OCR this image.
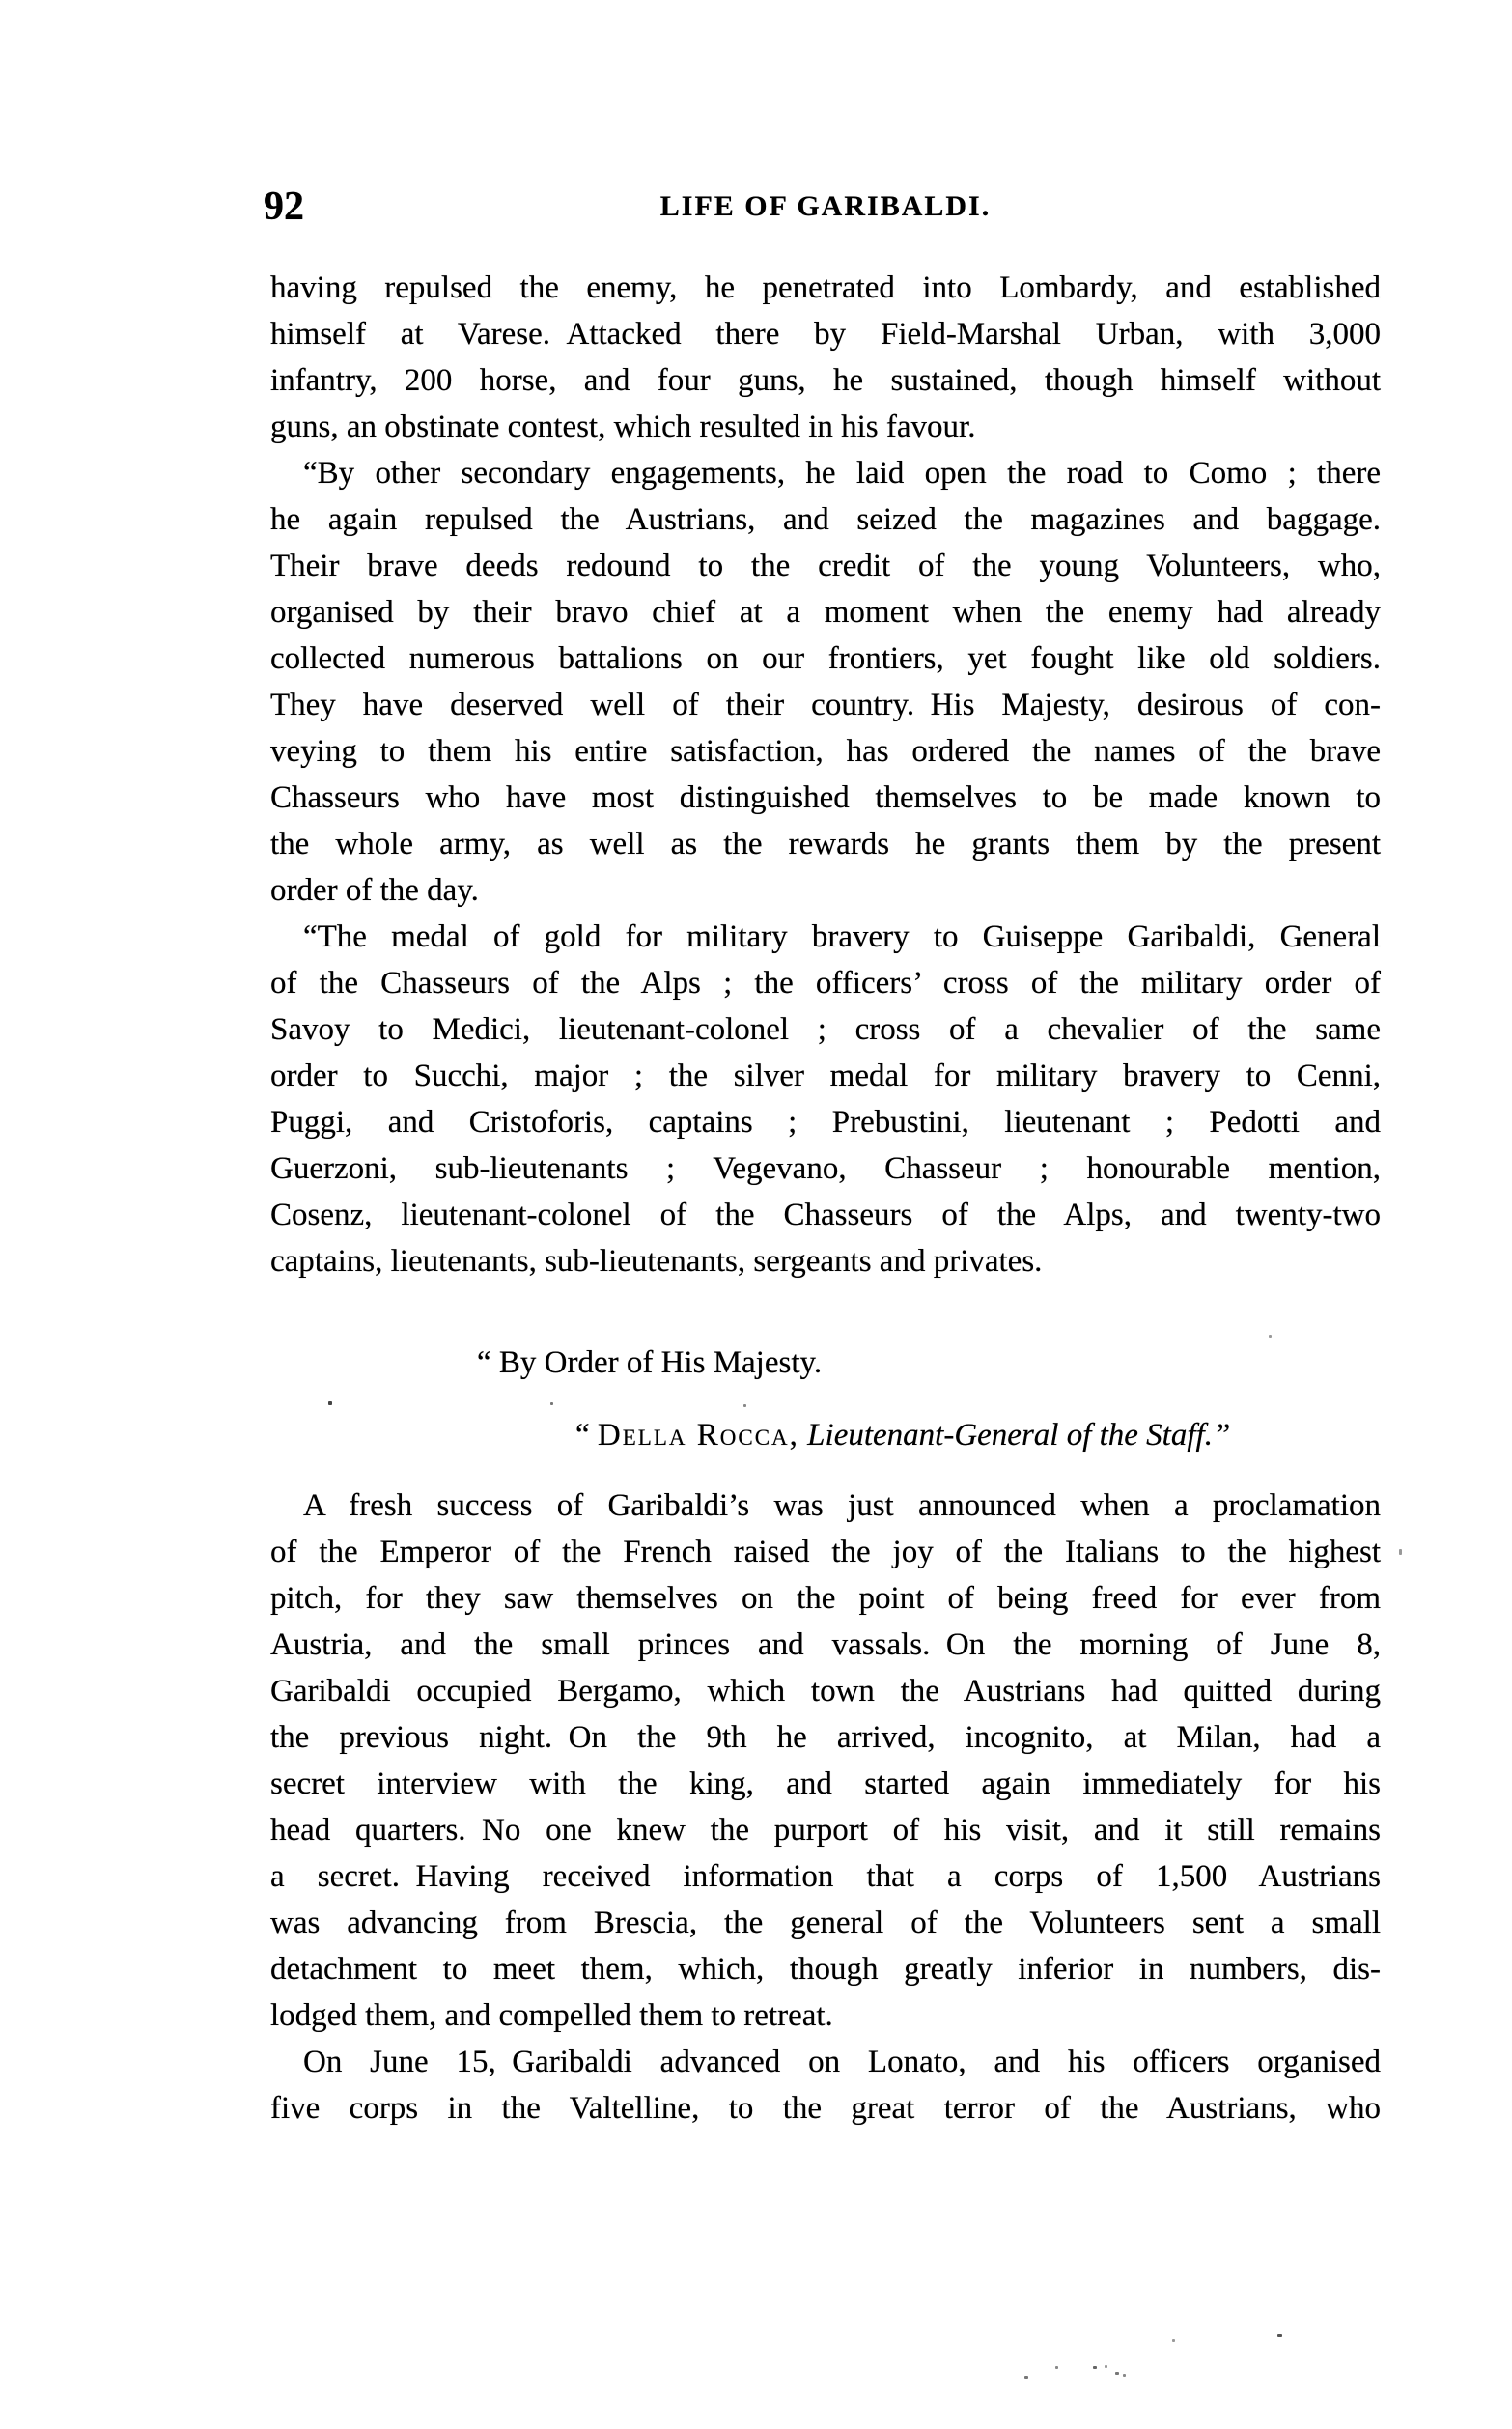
92	LIFE OF GARIBALDI.
having repulsed the enemy, he penetrated into Lombardy, and established
himself at Varese. Attacked there by Field-Marshal Urban, with 3,000
infantry, 200 horse, and four guns, he sustained, though himself without
guns, an obstinate contest, which resulted in his favour.
“By other secondary engagements, he laid open the road to Como ; there
he again repulsed the Austrians, and seized the magazines and baggage.
Their brave deeds redound to the credit of the young Volunteers, who,
organised by their bravo chief at a moment when the enemy had already
collected numerous battalions on our frontiers, yet fought like old soldiers.
They have deserved well of their country. His Majesty, desirous of con-
veying to them his entire satisfaction, has ordered the names of the brave
Chasseurs who have most distinguished themselves to be made known to
the whole army, as well as the rewards he grants them by the present
order of the day.
“The medal of gold for military bravery to Guiseppe Garibaldi, General
of the Chasseurs of the Alps ; the officers’ cross of the military order of
Savoy to Medici, lieutenant-colonel ; cross of a chevalier of the same
order to Succhi, major ; the silver medal for military bravery to Cenni,
Puggi, and Cristoforis, captains ; Prebustini, lieutenant ; Pedotti and
Guerzoni, sub-lieutenants ; Vegevano, Chasseur ; honourable mention,
Cosenz, lieutenant-colonel of the Chasseurs of the Alps, and twenty-two
captains, lieutenants, sub-lieutenants, sergeants and privates.
“ By Order of His Majesty.
“ Della Rocca, Lieutenant-General of the Staff.”
A fresh success of Garibaldi’s was just announced when a proclamation
of the Emperor of the French raised the joy of the Italians to the highest
pitch, for they saw themselves on the point of being freed for ever from
Austria, and the small princes and vassals. On the morning of June 8,
Garibaldi occupied Bergamo, which town the Austrians had quitted during
the previous night. On the 9th he arrived, incognito, at Milan, had a
secret interview with the king, and started again immediately for his
head quarters. No one knew the purport of his visit, and it still remains
a secret. Having received information that a corps of 1,500 Austrians
was advancing from Brescia, the general of the Volunteers sent a small
detachment to meet them, which, though greatly inferior in numbers, dis-
lodged them, and compelled them to retreat.
On June 15, Garibaldi advanced on Lonato, and his officers organised
five corps in the Valtelline, to the great terror of the Austrians, who
